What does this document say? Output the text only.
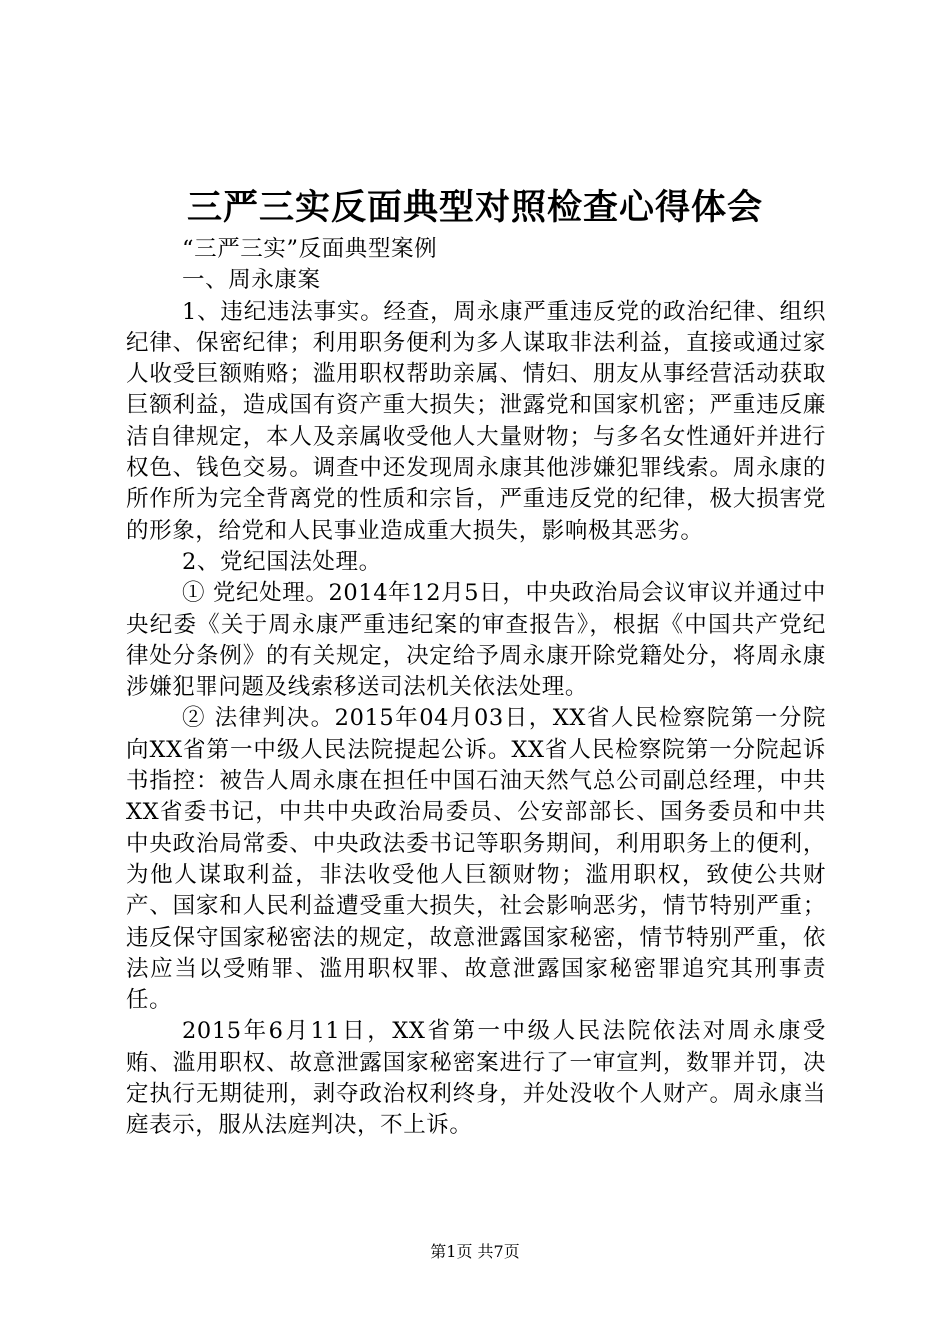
三严三实反面典型对照检查心得体会

“三严三实”反面典型案例

一、周永康案

1、违纪违法事实。经查，周永康严重违反党的政治纪律、组织纪律、保密纪律；利用职务便利为多人谋取非法利益，直接或通过家人收受巨额贿赂；滥用职权帮助亲属、情妇、朋友从事经营活动获取巨额利益，造成国有资产重大损失；泄露党和国家机密；严重违反廉洁自律规定，本人及亲属收受他人大量财物；与多名女性通奸并进行权色、钱色交易。调查中还发现周永康其他涉嫌犯罪线索。周永康的所作所为完全背离党的性质和宗旨，严重违反党的纪律，极大损害党的形象，给党和人民事业造成重大损失，影响极其恶劣。

2、党纪国法处理。

① 党纪处理。2014年12月5日，中央政治局会议审议并通过中央纪委《关于周永康严重违纪案的审查报告》，根据《中国共产党纪律处分条例》的有关规定，决定给予周永康开除党籍处分，将周永康涉嫌犯罪问题及线索移送司法机关依法处理。

② 法律判决。2015年04月03日，XX省人民检察院第一分院向XX省第一中级人民法院提起公诉。XX省人民检察院第一分院起诉书指控：被告人周永康在担任中国石油天然气总公司副总经理，中共XX省委书记，中共中央政治局委员、公安部部长、国务委员和中共中央政治局常委、中央政法委书记等职务期间，利用职务上的便利，为他人谋取利益，非法收受他人巨额财物；滥用职权，致使公共财产、国家和人民利益遭受重大损失，社会影响恶劣，情节特别严重；违反保守国家秘密法的规定，故意泄露国家秘密，情节特别严重，依法应当以受贿罪、滥用职权罪、故意泄露国家秘密罪追究其刑事责任。

2015年6月11日，XX省第一中级人民法院依法对周永康受贿、滥用职权、故意泄露国家秘密案进行了一审宣判，数罪并罚，决定执行无期徒刑，剥夺政治权利终身，并处没收个人财产。周永康当庭表示，服从法庭判决，不上诉。

第1页 共7页
